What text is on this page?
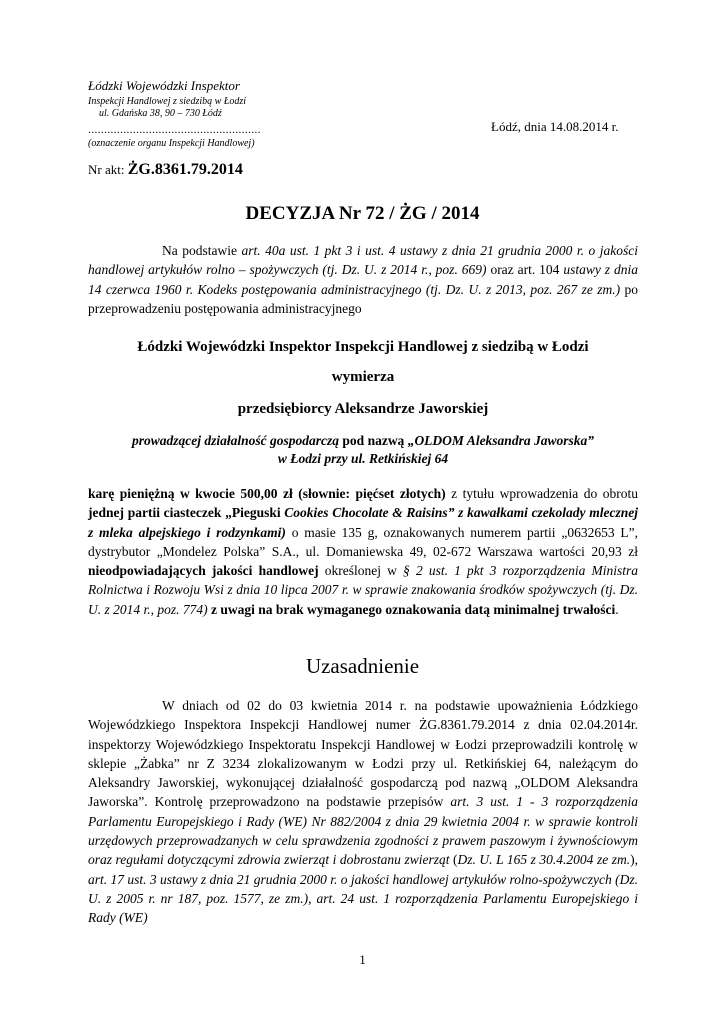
Łódzki Wojewódzki Inspektor
Inspekcji Handlowej z siedzibą w Łodzi
ul. Gdańska 38, 90 – 730 Łódź
......................................................
(oznaczenie organu Inspekcji Handlowej)
Łódź, dnia 14.08.2014 r.
Nr akt: ŻG.8361.79.2014
DECYZJA Nr 72 / ŻG / 2014
Na podstawie art. 40a ust. 1 pkt 3 i ust. 4 ustawy z dnia 21 grudnia 2000 r. o jakości handlowej artykułów rolno – spożywczych (tj. Dz. U. z 2014 r., poz. 669) oraz art. 104 ustawy z dnia 14 czerwca 1960 r. Kodeks postępowania administracyjnego (tj. Dz. U. z 2013, poz. 267 ze zm.) po przeprowadzeniu postępowania administracyjnego
Łódzki Wojewódzki Inspektor Inspekcji Handlowej z siedzibą w Łodzi
wymierza
przedsiębiorcy Aleksandrze Jaworskiej
prowadzącej działalność gospodarczą pod nazwą „OLDOM Aleksandra Jaworska”
w Łodzi przy ul. Retkińskiej 64
karę pieniężną w kwocie 500,00 zł (słownie: pięćset złotych) z tytułu wprowadzenia do obrotu jednej partii ciasteczek „Pieguski Cookies Chocolate & Raisins” z kawałkami czekolady mlecznej z mleka alpejskiego i rodzynkami) o masie 135 g, oznakowanych numerem partii „0632653 L”, dystrybutor „Mondelez Polska” S.A., ul. Domaniewska 49, 02-672 Warszawa wartości 20,93 zł nieodpowiadających jakości handlowej określonej w § 2 ust. 1 pkt 3 rozporządzenia Ministra Rolnictwa i Rozwoju Wsi z dnia 10 lipca 2007 r. w sprawie znakowania środków spożywczych (tj. Dz. U. z 2014 r., poz. 774) z uwagi na brak wymaganego oznakowania datą minimalnej trwałości.
Uzasadnienie
W dniach od 02 do 03 kwietnia 2014 r. na podstawie upoważnienia Łódzkiego Wojewódzkiego Inspektora Inspekcji Handlowej numer ŻG.8361.79.2014 z dnia 02.04.2014r. inspektorzy Wojewódzkiego Inspektoratu Inspekcji Handlowej w Łodzi przeprowadzili kontrolę w sklepie „Żabka” nr Z 3234 zlokalizowanym w Łodzi przy ul. Retkińskiej 64, należącym do Aleksandry Jaworskiej, wykonującej działalność gospodarczą pod nazwą „OLDOM Aleksandra Jaworska”. Kontrolę przeprowadzono na podstawie przepisów art. 3 ust. 1 - 3 rozporządzenia Parlamentu Europejskiego i Rady (WE) Nr 882/2004 z dnia 29 kwietnia 2004 r. w sprawie kontroli urzędowych przeprowadzanych w celu sprawdzenia zgodności z prawem paszowym i żywnościowym oraz regułami dotyczącymi zdrowia zwierząt i dobrostanu zwierząt (Dz. U. L 165 z 30.4.2004 ze zm.), art. 17 ust. 3 ustawy z dnia 21 grudnia 2000 r. o jakości handlowej artykułów rolno-spożywczych (Dz. U. z 2005 r. nr 187, poz. 1577, ze zm.), art. 24 ust. 1 rozporządzenia Parlamentu Europejskiego i Rady (WE)
1
